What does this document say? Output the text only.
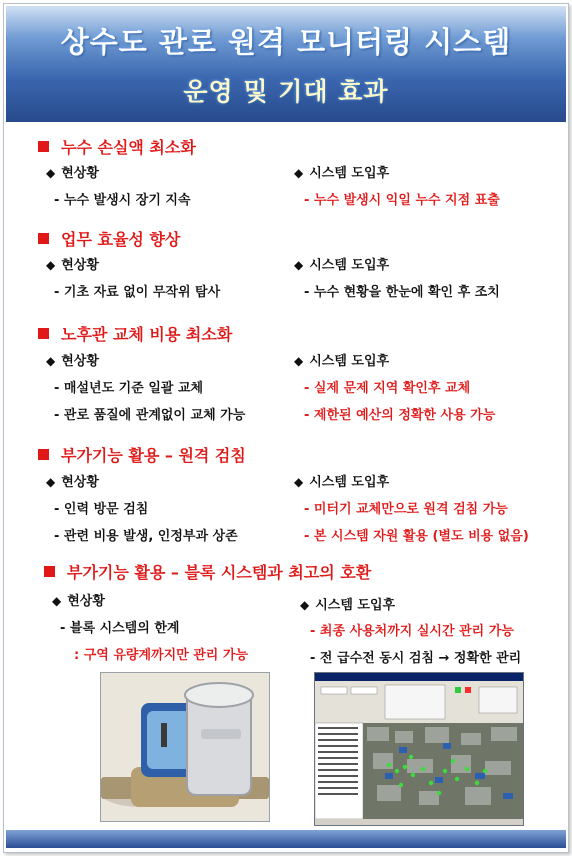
상수도 관로 원격 모니터링 시스템
운영 및 기대 효과
누수 손실액 최소화
◆ 현상황	◆ 시스템 도입후
- 누수 발생시 장기 지속	- 누수 발생시 익일 누수 지점 표출
업무 효율성 향상
◆ 현상황	◆ 시스템 도입후
- 기초 자료 없이 무작위 탐사	- 누수 현황을 한눈에 확인 후 조치
노후관 교체 비용 최소화
◆ 현상황	◆ 시스템 도입후
- 매설년도 기준 일괄 교체	- 실제 문제 지역 확인후 교체
- 관로 품질에 관계없이 교체 가능	- 제한된 예산의 정확한 사용 가능
부가기능 활용 – 원격 검침
◆ 현상황	◆ 시스템 도입후
- 인력 방문 검침	- 미터기 교체만으로 원격 검침 가능
- 관련 비용 발생, 인정부과 상존	- 본 시스템 자원 활용 (별도 비용 없음)
부가기능 활용 – 블록 시스템과 최고의 호환
◆ 현상황	◆ 시스템 도입후
- 블록 시스템의 한계	- 최종 사용처까지 실시간 관리 가능
: 구역 유량계까지만 관리 가능	- 전 급수전 동시 검침 → 정확한 관리
